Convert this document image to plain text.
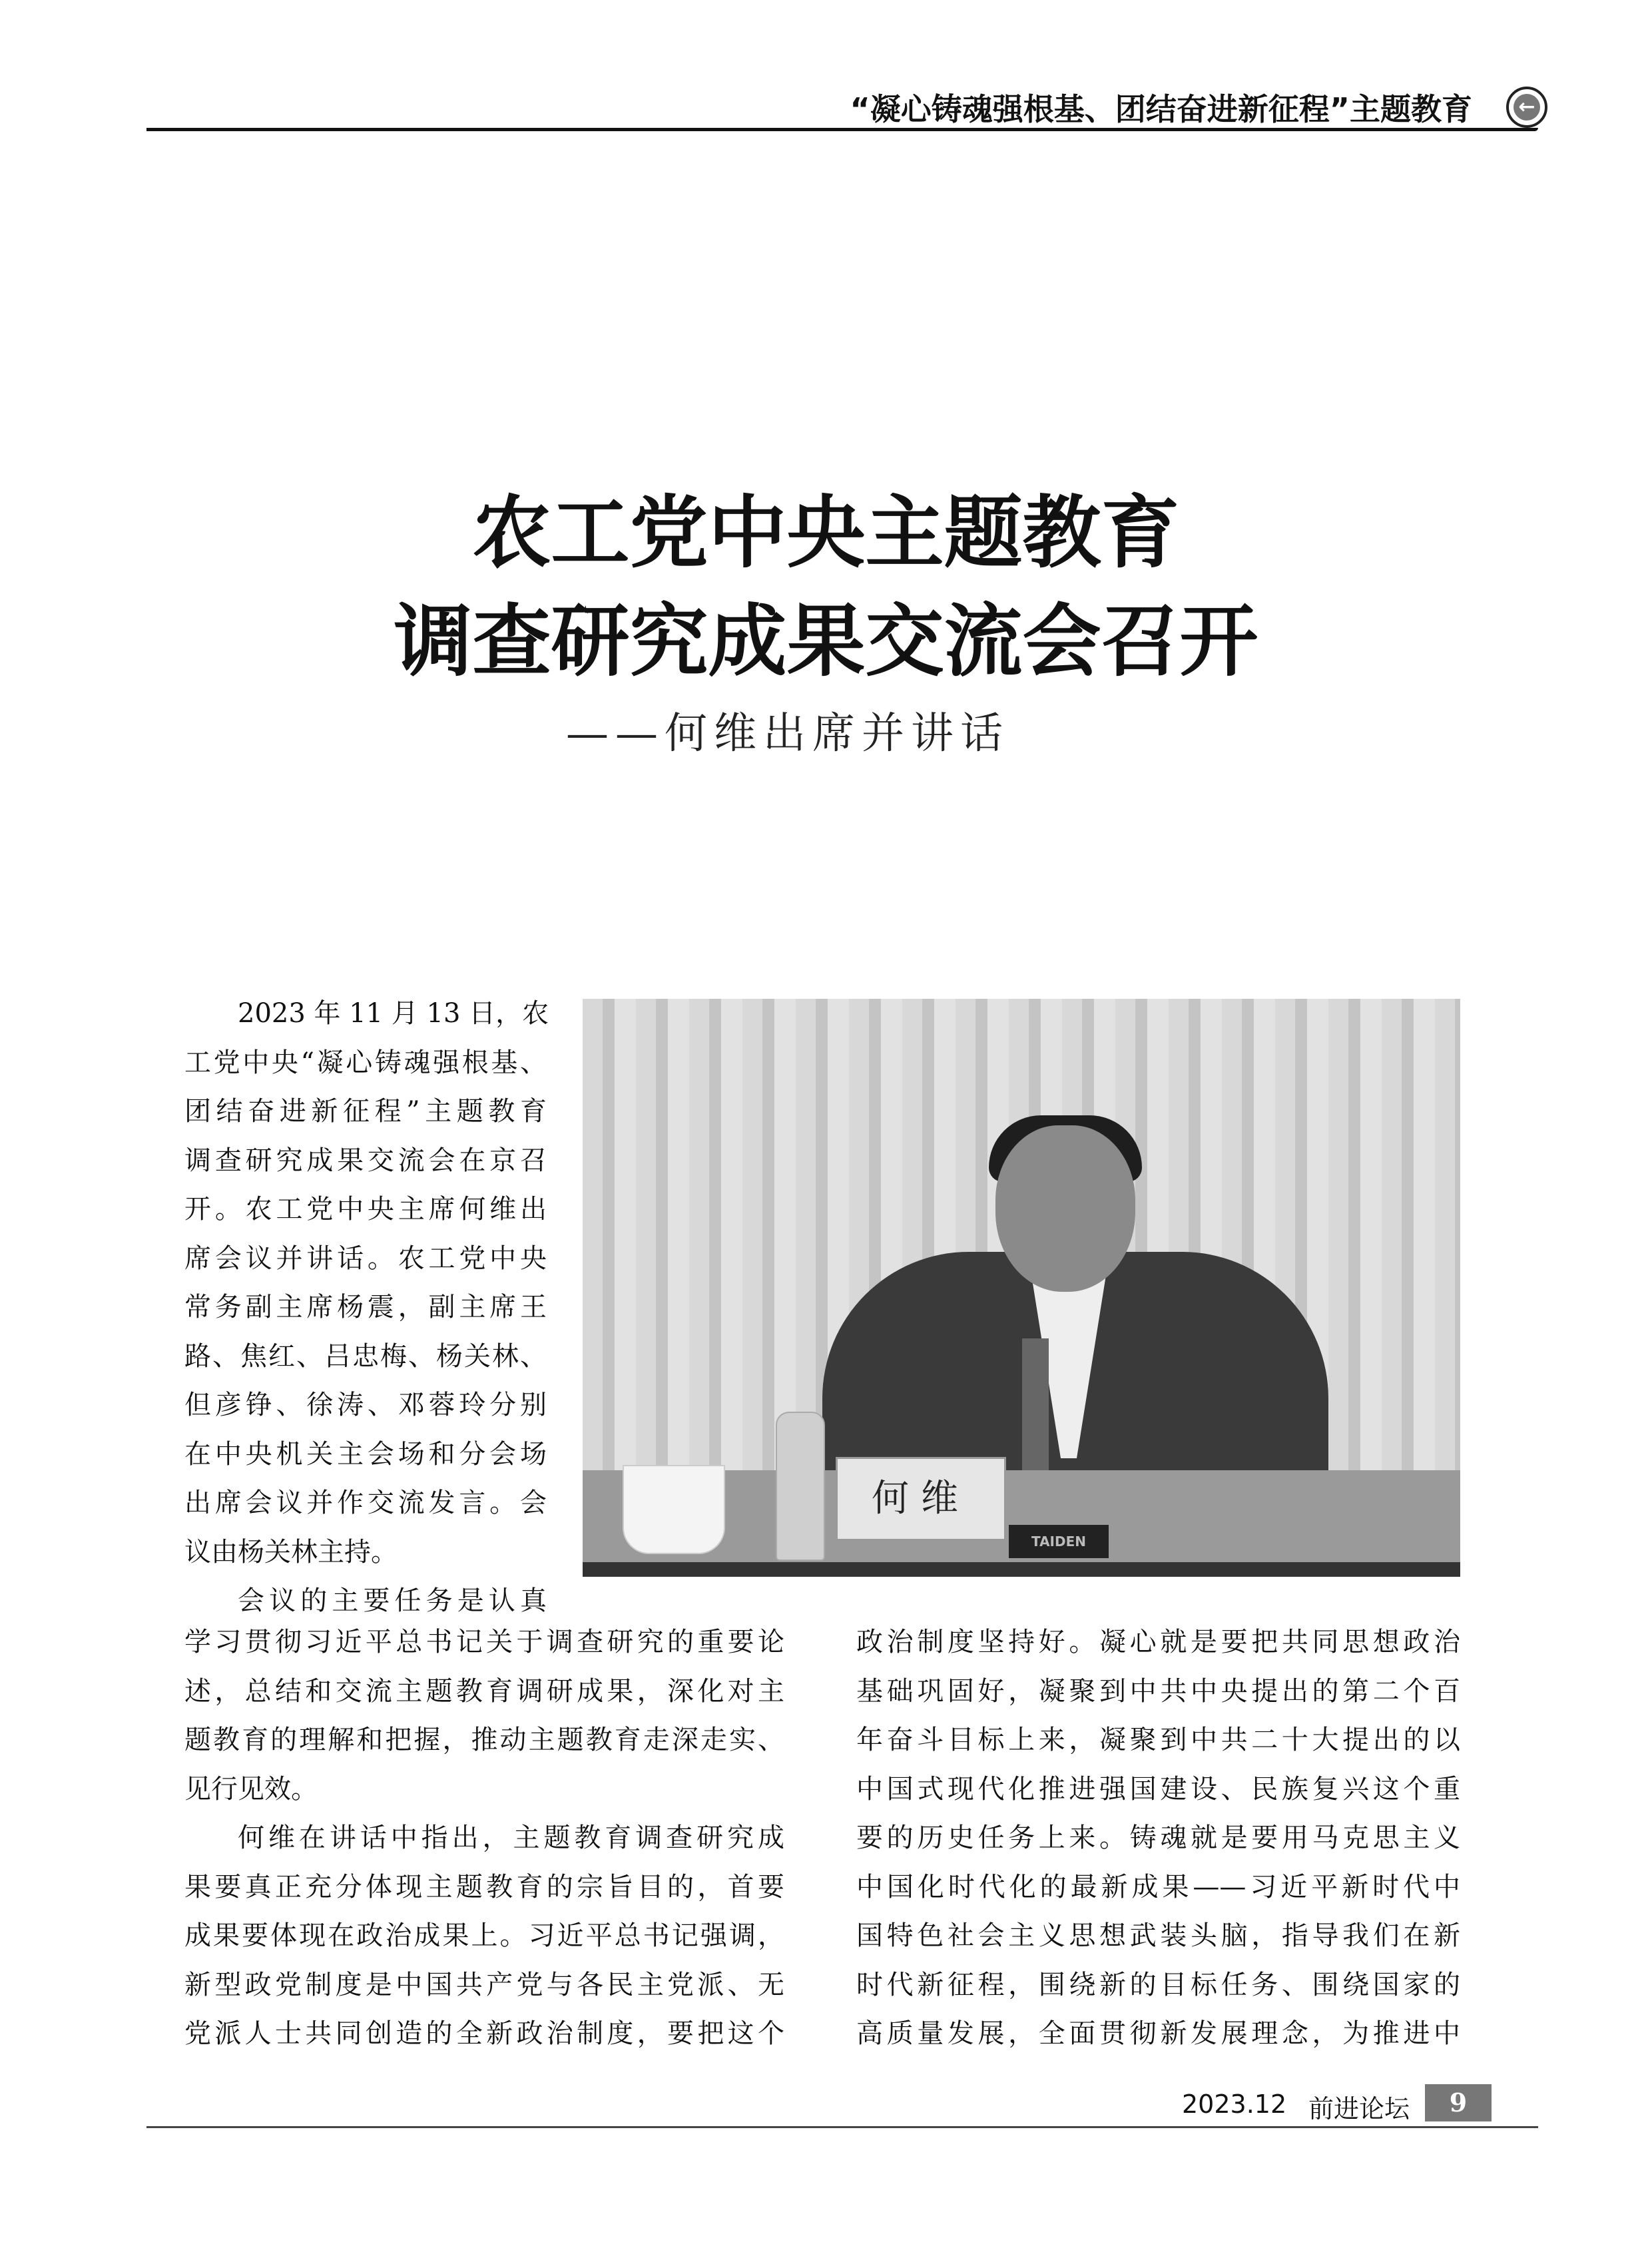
“凝心铸魂强根基、团结奋进新征程”主题教育 ←
农工党中央主题教育
调查研究成果交流会召开
——何维出席并讲话
2023 年 11 月 13 日，农
工党中央“凝心铸魂强根基、
团结奋进新征程”主题教育
调查研究成果交流会在京召
开。农工党中央主席何维出
席会议并讲话。农工党中央
常务副主席杨震，副主席王
路、焦红、吕忠梅、杨关林、
但彦铮、徐涛、邓蓉玲分别
在中央机关主会场和分会场
出席会议并作交流发言。会
议由杨关林主持。
会议的主要任务是认真
何维
TAIDEN
学习贯彻习近平总书记关于调查研究的重要论
述，总结和交流主题教育调研成果，深化对主
题教育的理解和把握，推动主题教育走深走实、
见行见效。
何维在讲话中指出，主题教育调查研究成
果要真正充分体现主题教育的宗旨目的，首要
成果要体现在政治成果上。习近平总书记强调，
新型政党制度是中国共产党与各民主党派、无
党派人士共同创造的全新政治制度，要把这个
政治制度坚持好。凝心就是要把共同思想政治
基础巩固好，凝聚到中共中央提出的第二个百
年奋斗目标上来，凝聚到中共二十大提出的以
中国式现代化推进强国建设、民族复兴这个重
要的历史任务上来。铸魂就是要用马克思主义
中国化时代化的最新成果——习近平新时代中
国特色社会主义思想武装头脑，指导我们在新
时代新征程，围绕新的目标任务、围绕国家的
高质量发展，全面贯彻新发展理念，为推进中
2023.12 前进论坛	9
